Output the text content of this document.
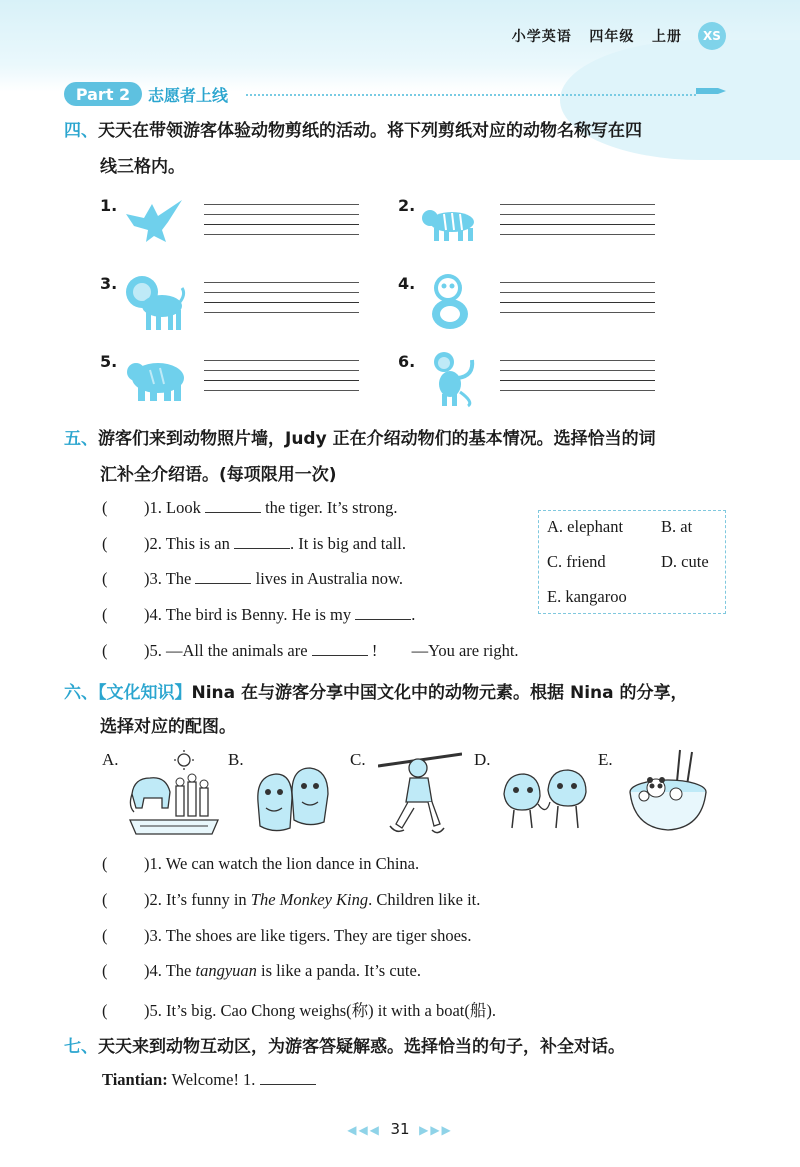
小学英语 四年级 上册	XS
Part 2	志愿者上线
四、天天在带领游客体验动物剪纸的活动。将下列剪纸对应的动物名称写在四
线三格内。
1.	2.
3.	4.
5.	6.
五、游客们来到动物照片墙，Judy 正在介绍动物们的基本情况。选择恰当的词
汇补全介绍语。(每项限用一次)
( )1. Look	the tiger. It’s strong.
( )2. This is an	. It is big and tall.
( )3. The	lives in Australia now.
( )4. The bird is Benny. He is my	.
( )5. —All the animals are	! —You are right.
A. elephant B. at
C. friend	D. cute
E. kangaroo
六、【文化知识】Nina 在与游客分享中国文化中的动物元素。根据 Nina 的分享，
选择对应的配图。
A.	B.	C.	D.	E.
( )1. We can watch the lion dance in China.
( )2. It’s funny in The Monkey King. Children like it.
( )3. The shoes are like tigers. They are tiger shoes.
( )4. The tangyuan is like a panda. It’s cute.
( )5. It’s big. Cao Chong weighs(称) it with a boat(船).
七、天天来到动物互动区，为游客答疑解惑。选择恰当的句子，补全对话。
Tiantian: Welcome! 1.
◀◀◀ 31 ▶▶▶
